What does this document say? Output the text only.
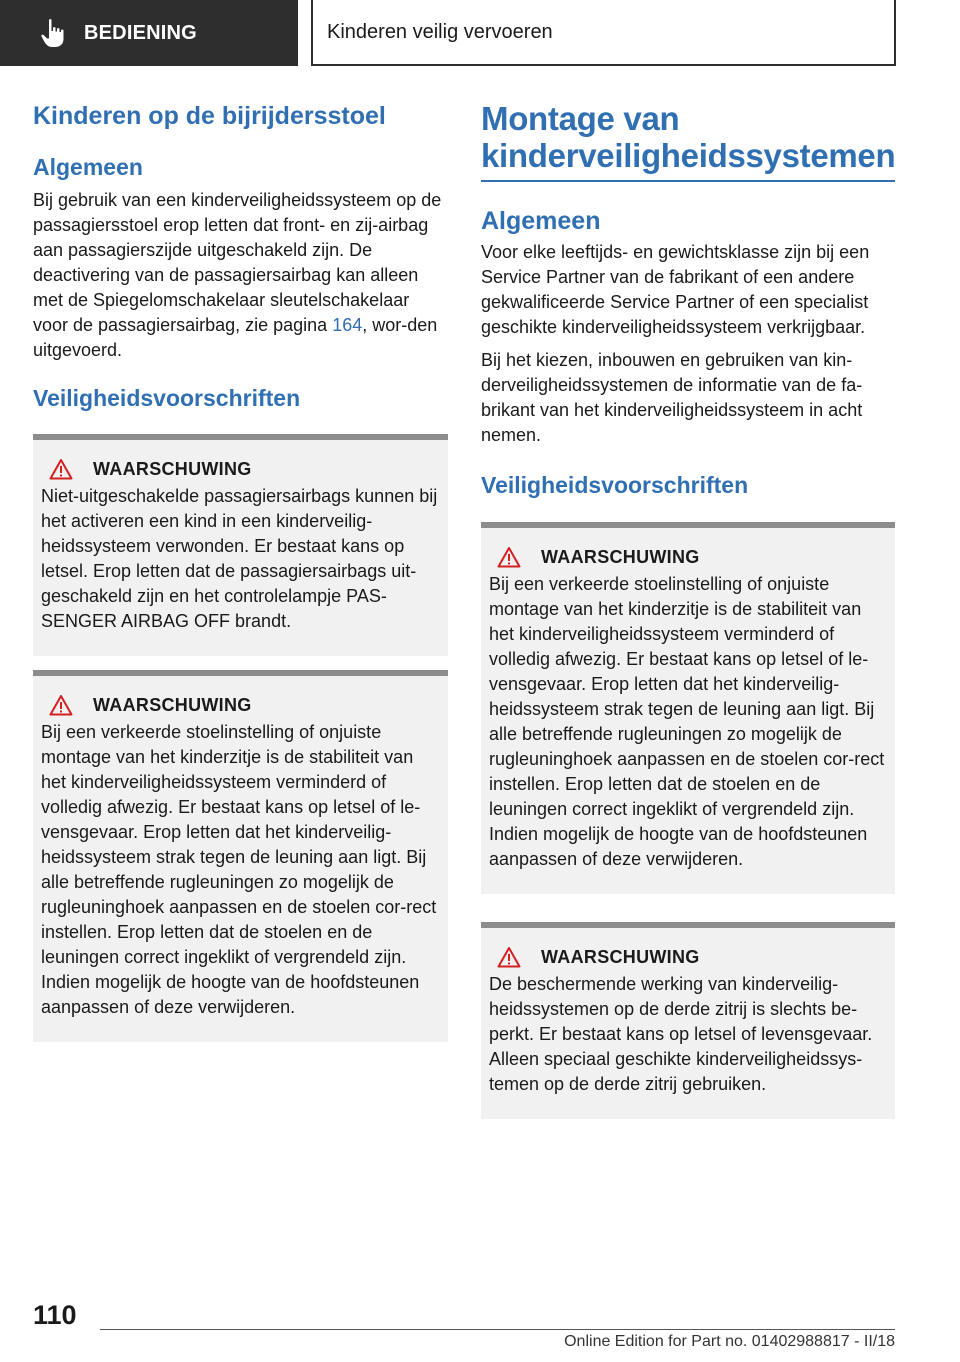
BEDIENING	Kinderen veilig vervoeren
Kinderen op de bijrijdersstoel
Algemeen
Bij gebruik van een kinderveiligheidssysteem op de passagiersstoel erop letten dat front- en zij-airbag aan passagierszijde uitgeschakeld zijn. De deactivering van de passagiersairbag kan alleen met de Spiegelomschakelaar sleutelschakelaar voor de passagiersairbag, zie pagina 164, wor-den uitgevoerd.
Veiligheidsvoorschriften
WAARSCHUWING
Niet-uitgeschakelde passagiersairbags kunnen bij het activeren een kind in een kinderveilig-heidssysteem verwonden. Er bestaat kans op letsel. Erop letten dat de passagiersairbags uit-geschakeld zijn en het controlelampje PAS-SENGER AIRBAG OFF brandt.
WAARSCHUWING
Bij een verkeerde stoelinstelling of onjuiste montage van het kinderzitje is de stabiliteit van het kinderveiligheidssysteem verminderd of volledig afwezig. Er bestaat kans op letsel of le-vensgevaar. Erop letten dat het kinderveilig-heidssysteem strak tegen de leuning aan ligt. Bij alle betreffende rugleuningen zo mogelijk de rugleuninghoek aanpassen en de stoelen cor-rect instellen. Erop letten dat de stoelen en de leuningen correct ingeklikt of vergrendeld zijn. Indien mogelijk de hoogte van de hoofdsteunen aanpassen of deze verwijderen.
Montage van kinderveiligheidssystemen
Algemeen
Voor elke leeftijds- en gewichtsklasse zijn bij een Service Partner van de fabrikant of een andere gekwalificeerde Service Partner of een specialist geschikte kinderveiligheidssysteem verkrijgbaar.
Bij het kiezen, inbouwen en gebruiken van kin-derveiligheidssystemen de informatie van de fa-brikant van het kinderveiligheidssysteem in acht nemen.
Veiligheidsvoorschriften
WAARSCHUWING
Bij een verkeerde stoelinstelling of onjuiste montage van het kinderzitje is de stabiliteit van het kinderveiligheidssysteem verminderd of volledig afwezig. Er bestaat kans op letsel of le-vensgevaar. Erop letten dat het kinderveilig-heidssysteem strak tegen de leuning aan ligt. Bij alle betreffende rugleuningen zo mogelijk de rugleuninghoek aanpassen en de stoelen cor-rect instellen. Erop letten dat de stoelen en de leuningen correct ingeklikt of vergrendeld zijn. Indien mogelijk de hoogte van de hoofdsteunen aanpassen of deze verwijderen.
WAARSCHUWING
De beschermende werking van kinderveilig-heidssystemen op de derde zitrij is slechts be-perkt. Er bestaat kans op letsel of levensgevaar. Alleen speciaal geschikte kinderveiligheidssys-temen op de derde zitrij gebruiken.
110
Online Edition for Part no. 01402988817 - II/18
